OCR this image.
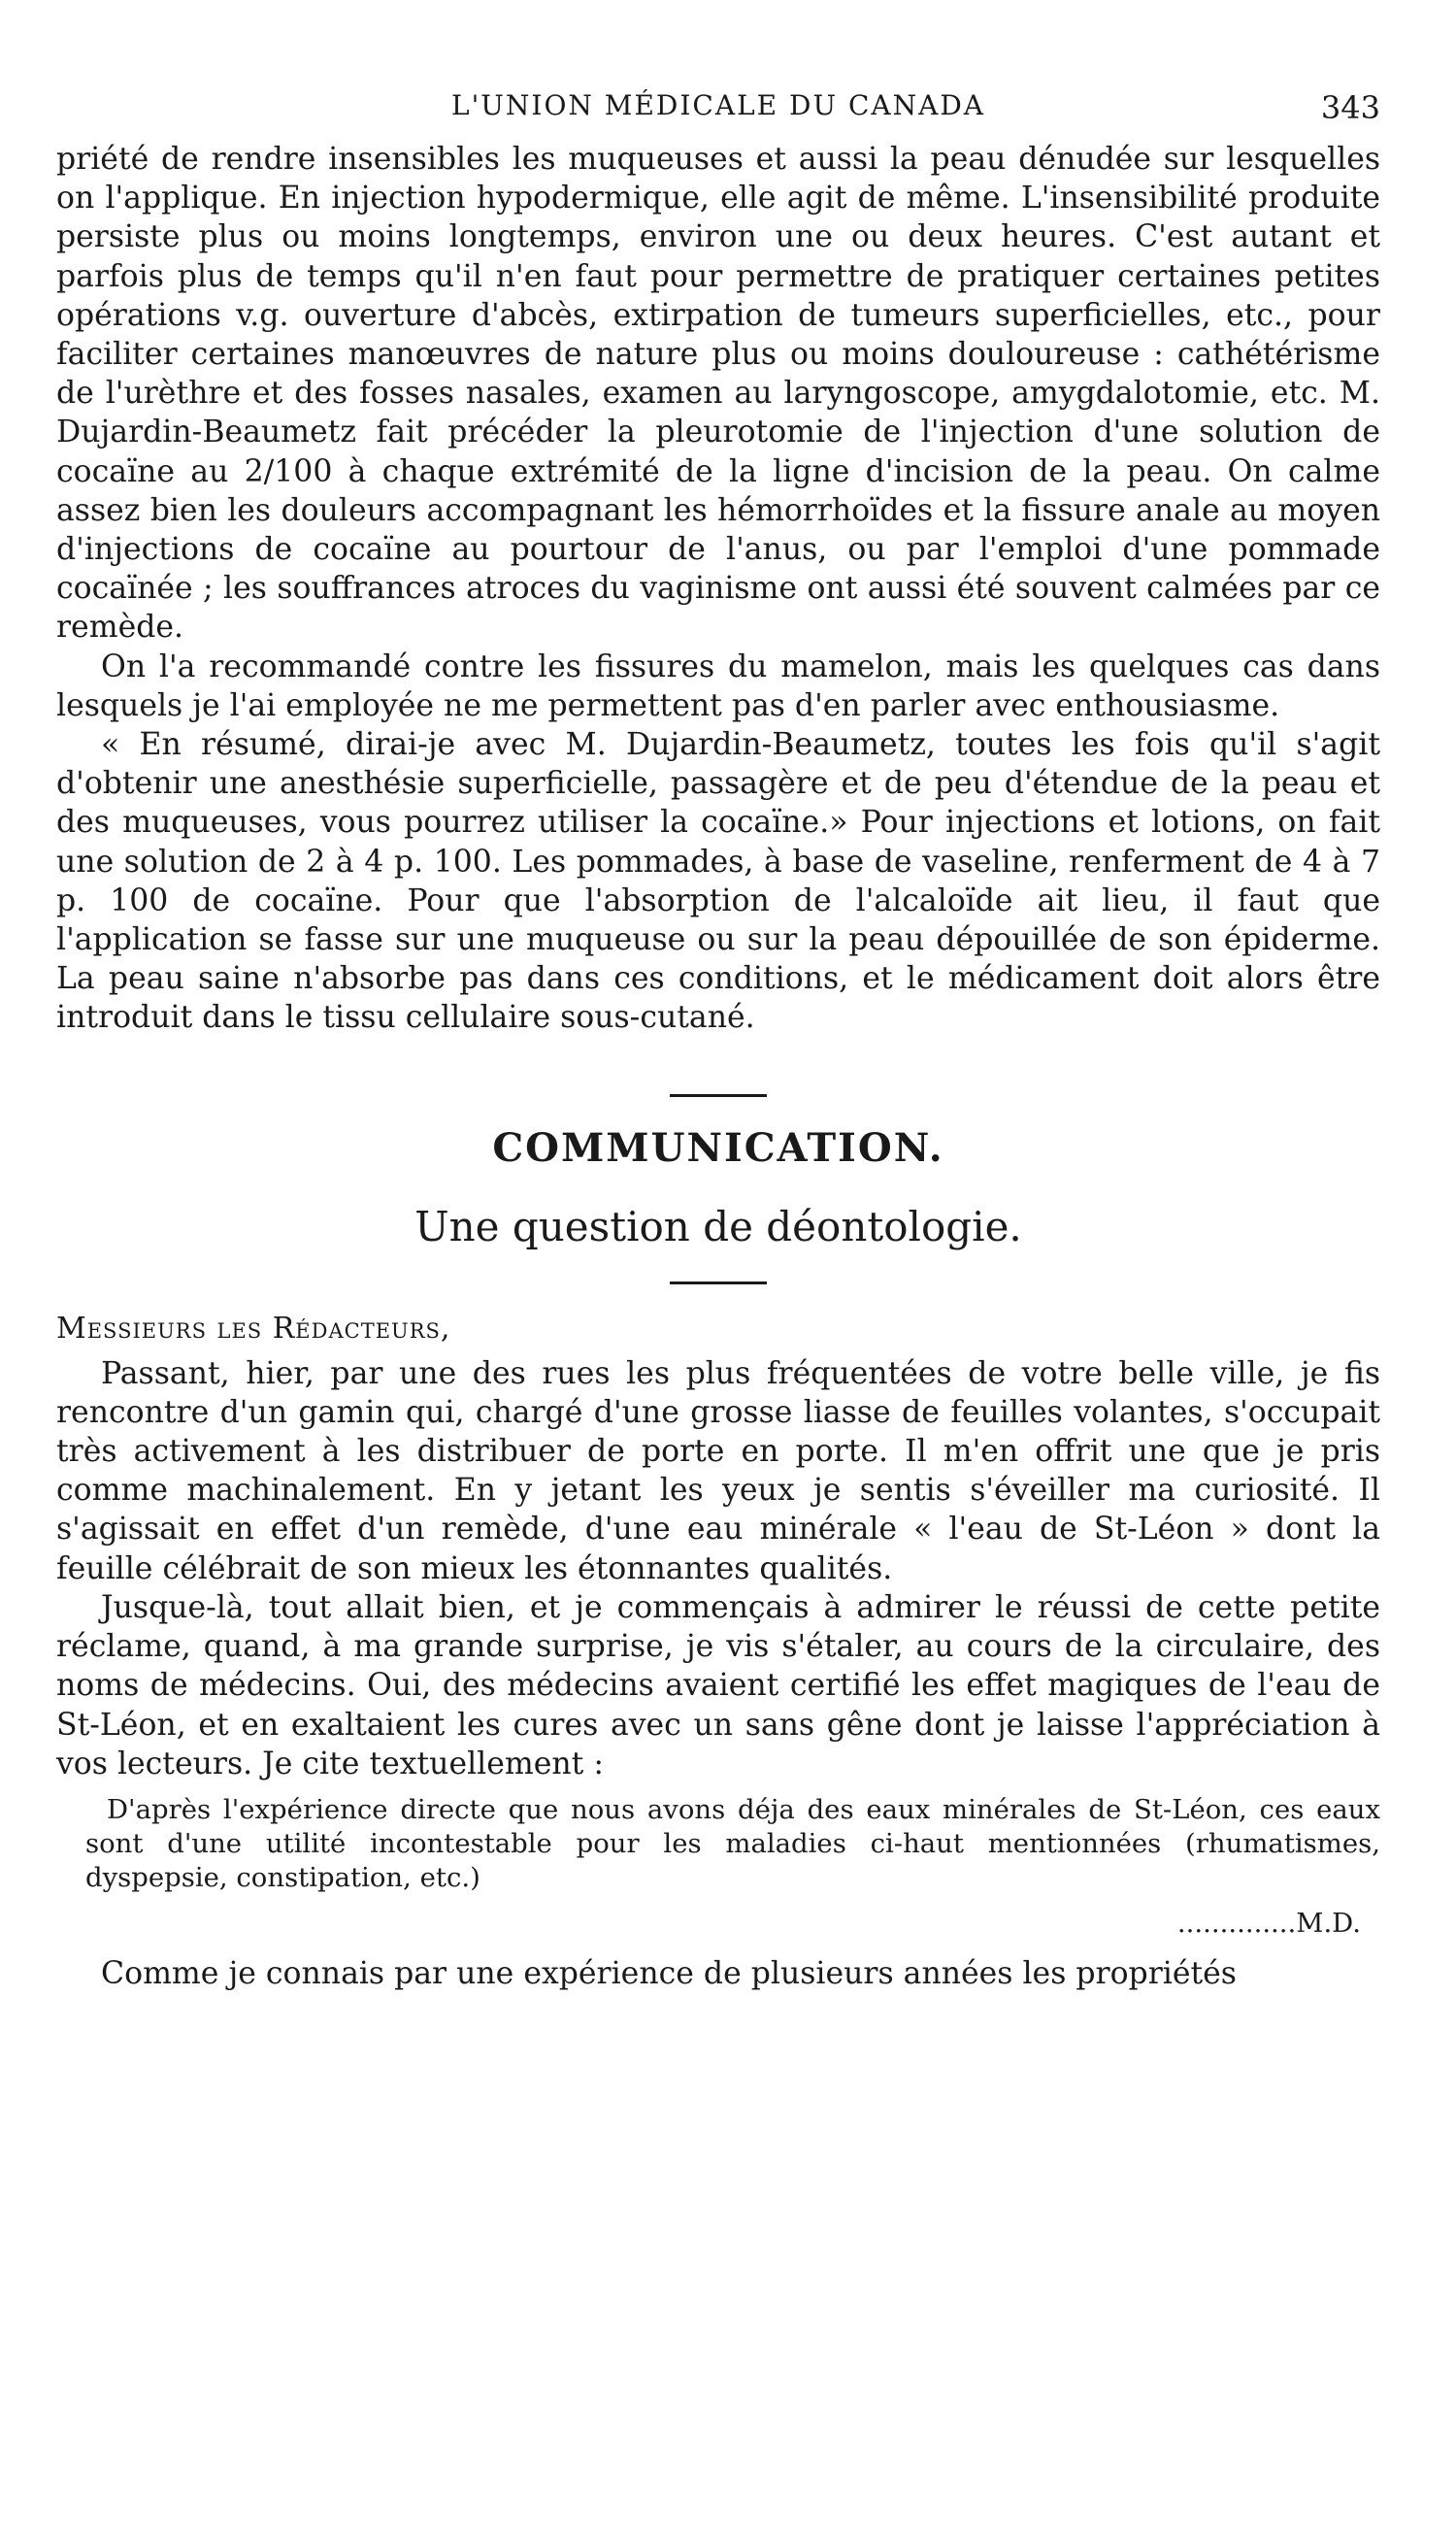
L'UNION MÉDICALE DU CANADA	343

priété de rendre insensibles les muqueuses et aussi la peau dénudée sur lesquelles on l'applique. En injection hypodermique, elle agit de même. L'insensibilité produite persiste plus ou moins longtemps, environ une ou deux heures. C'est autant et parfois plus de temps qu'il n'en faut pour permettre de pratiquer certaines petites opérations v.g. ouverture d'abcès, extirpation de tumeurs superficielles, etc., pour faciliter certaines manœuvres de nature plus ou moins douloureuse : cathétérisme de l'urèthre et des fosses nasales, examen au laryngoscope, amygdalotomie, etc. M. Dujardin-Beaumetz fait précéder la pleurotomie de l'injection d'une solution de cocaïne au 2/100 à chaque extrémité de la ligne d'incision de la peau. On calme assez bien les douleurs accompagnant les hémorrhoïdes et la fissure anale au moyen d'injections de cocaïne au pourtour de l'anus, ou par l'emploi d'une pommade cocaïnée ; les souffrances atroces du vaginisme ont aussi été souvent calmées par ce remède.

On l'a recommandé contre les fissures du mamelon, mais les quelques cas dans lesquels je l'ai employée ne me permettent pas d'en parler avec enthousiasme.

« En résumé, dirai-je avec M. Dujardin-Beaumetz, toutes les fois qu'il s'agit d'obtenir une anesthésie superficielle, passagère et de peu d'étendue de la peau et des muqueuses, vous pourrez utiliser la cocaïne.» Pour injections et lotions, on fait une solution de 2 à 4 p. 100. Les pommades, à base de vaseline, renferment de 4 à 7 p. 100 de cocaïne. Pour que l'absorption de l'alcaloïde ait lieu, il faut que l'application se fasse sur une muqueuse ou sur la peau dépouillée de son épiderme. La peau saine n'absorbe pas dans ces conditions, et le médicament doit alors être introduit dans le tissu cellulaire sous-cutané.

COMMUNICATION.
Une question de déontologie.
Messieurs les Rédacteurs,

Passant, hier, par une des rues les plus fréquentées de votre belle ville, je fis rencontre d'un gamin qui, chargé d'une grosse liasse de feuilles volantes, s'occupait très activement à les distribuer de porte en porte. Il m'en offrit une que je pris comme machinalement. En y jetant les yeux je sentis s'éveiller ma curiosité. Il s'agissait en effet d'un remède, d'une eau minérale « l'eau de St-Léon » dont la feuille célébrait de son mieux les étonnantes qualités.

Jusque-là, tout allait bien, et je commençais à admirer le réussi de cette petite réclame, quand, à ma grande surprise, je vis s'étaler, au cours de la circulaire, des noms de médecins. Oui, des médecins avaient certifié les effet magiques de l'eau de St-Léon, et en exaltaient les cures avec un sans gêne dont je laisse l'appréciation à vos lecteurs. Je cite textuellement :

D'après l'expérience directe que nous avons déja des eaux minérales de St-Léon, ces eaux sont d'une utilité incontestable pour les maladies ci-haut mentionnées (rhumatismes, dyspepsie, constipation, etc.)

..............M.D.

Comme je connais par une expérience de plusieurs années les propriétés
